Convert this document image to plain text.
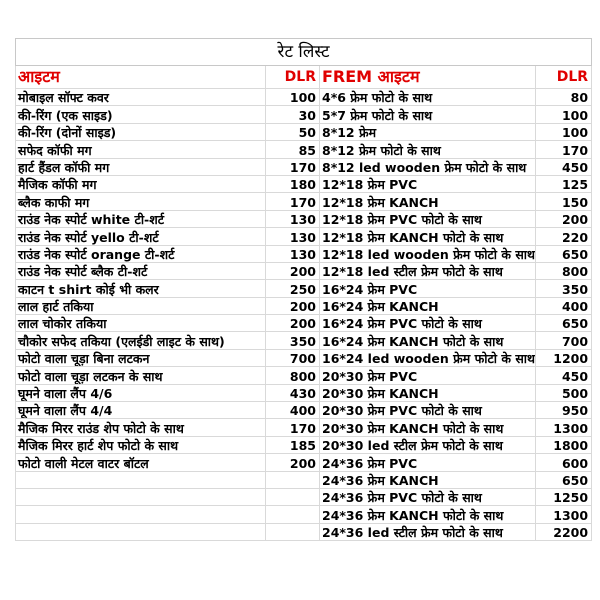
रेट लिस्ट			
आइटम	DLR	FREM आइटम	DLR
मोबाइल सॉफ्ट कवर	100	4*6 फ्रेम फोटो के साथ	80
की-रिंग (एक साइड)	30	5*7 फ्रेम फोटो के साथ	100
की-रिंग (दोनों साइड)	50	8*12 फ्रेम	100
सफेद कॉफी मग	85	8*12 फ्रेम फोटो के साथ	170
हार्ट हैंडल कॉफी मग	170	8*12 led wooden फ्रेम फोटो के साथ	450
मैजिक कॉफी मग	180	12*18 फ्रेम PVC	125
ब्लैक काफी मग	170	12*18 फ्रेम KANCH	150
राउंड नेक स्पोर्ट white टी-शर्ट	130	12*18 फ्रेम PVC फोटो के साथ	200
राउंड नेक स्पोर्ट yello टी-शर्ट	130	12*18 फ्रेम KANCH फोटो के साथ	220
राउंड नेक स्पोर्ट orange टी-शर्ट	130	12*18 led wooden फ्रेम फोटो के साथ	650
राउंड नेक स्पोर्ट ब्लैक टी-शर्ट	200	12*18 led स्टील फ्रेम फोटो के साथ	800
काटन t shirt कोई भी कलर	250	16*24 फ्रेम PVC	350
लाल हार्ट तकिया	200	16*24 फ्रेम KANCH	400
लाल चोकोर तकिया	200	16*24 फ्रेम PVC फोटो के साथ	650
चौकोर सफेद तकिया (एलईडी लाइट के साथ)	350	16*24 फ्रेम KANCH फोटो के साथ	700
फोटो वाला चूड़ा बिना लटकन	700	16*24 led wooden फ्रेम फोटो के साथ	1200
फोटो वाला चूड़ा लटकन के साथ	800	20*30 फ्रेम PVC	450
घूमने वाला लैंप 4/6	430	20*30 फ्रेम KANCH	500
घूमने वाला लैंप 4/4	400	20*30 फ्रेम PVC फोटो के साथ	950
मैजिक मिरर राउंड शेप फोटो के साथ	170	20*30 फ्रेम KANCH फोटो के साथ	1300
मैजिक मिरर हार्ट शेप फोटो के साथ	185	20*30 led स्टील फ्रेम फोटो के साथ	1800
फोटो वाली मेटल वाटर बॉटल	200	24*36 फ्रेम PVC	600
		24*36 फ्रेम KANCH	650
		24*36 फ्रेम PVC फोटो के साथ	1250
		24*36 फ्रेम KANCH फोटो के साथ	1300
		24*36 led स्टील फ्रेम फोटो के साथ	2200
